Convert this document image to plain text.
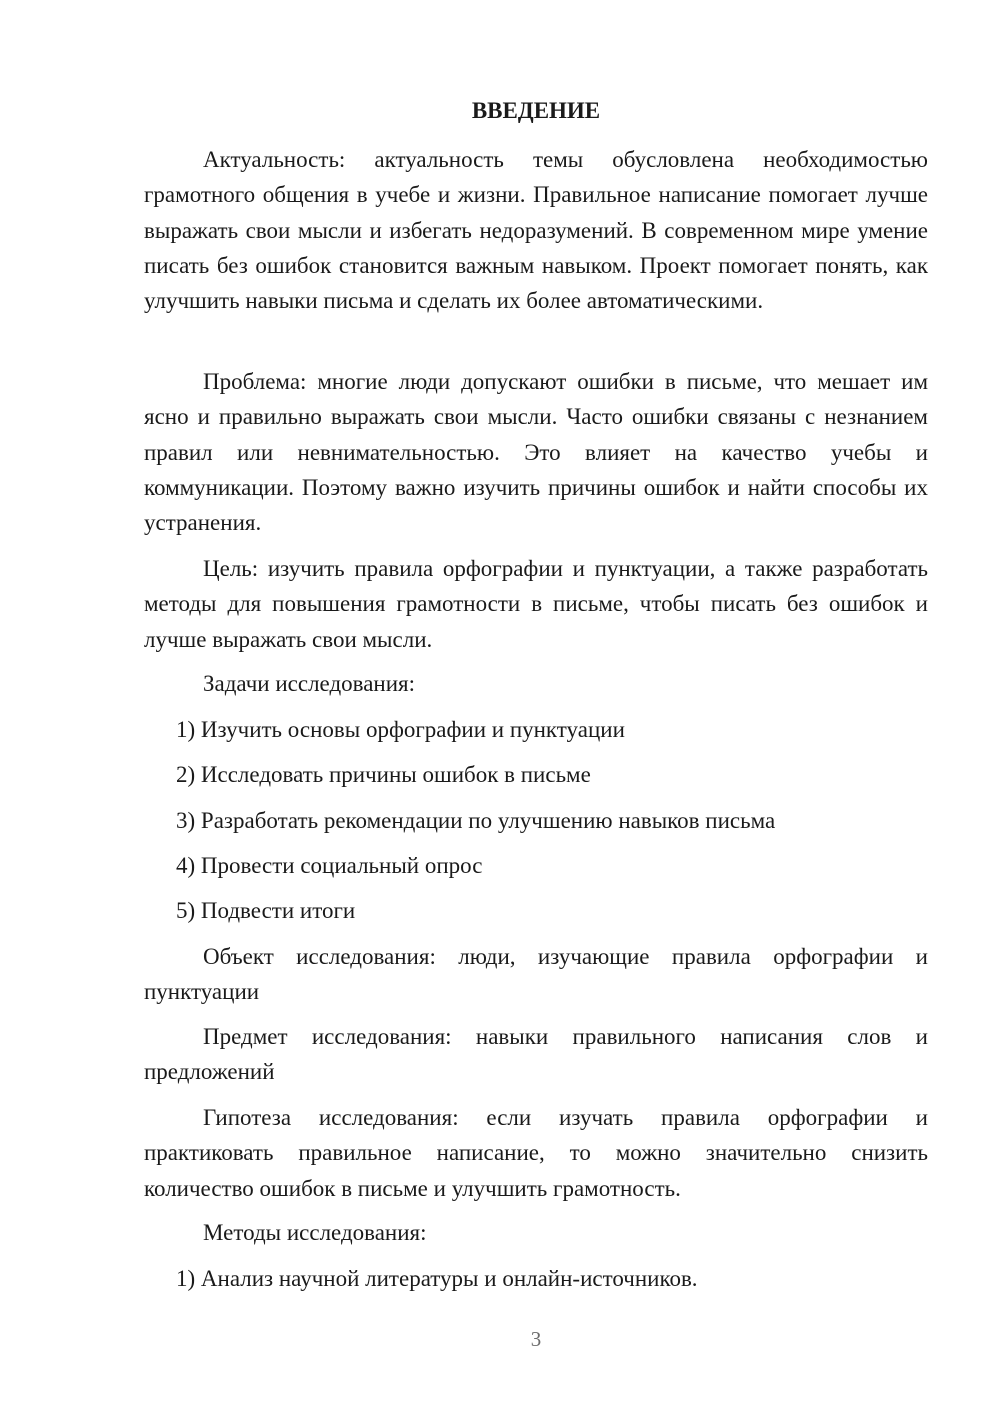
ВВЕДЕНИЕ

Актуальность: актуальность темы обусловлена необходимостью грамотного общения в учебе и жизни. Правильное написание помогает лучше выражать свои мысли и избегать недоразумений. В современном мире умение писать без ошибок становится важным навыком. Проект помогает понять, как улучшить навыки письма и сделать их более автоматическими.

Проблема: многие люди допускают ошибки в письме, что мешает им ясно и правильно выражать свои мысли. Часто ошибки связаны с незнанием правил или невнимательностью. Это влияет на качество учебы и коммуникации. Поэтому важно изучить причины ошибок и найти способы их устранения.

Цель: изучить правила орфографии и пунктуации, а также разработать методы для повышения грамотности в письме, чтобы писать без ошибок и лучше выражать свои мысли.

Задачи исследования:

1) Изучить основы орфографии и пунктуации

2) Исследовать причины ошибок в письме

3) Разработать рекомендации по улучшению навыков письма

4) Провести социальный опрос

5) Подвести итоги

Объект исследования: люди, изучающие правила орфографии и пунктуации

Предмет исследования: навыки правильного написания слов и предложений

Гипотеза исследования: если изучать правила орфографии и практиковать правильное написание, то можно значительно снизить количество ошибок в письме и улучшить грамотность.

Методы исследования:

1) Анализ научной литературы и онлайн-источников.

3
